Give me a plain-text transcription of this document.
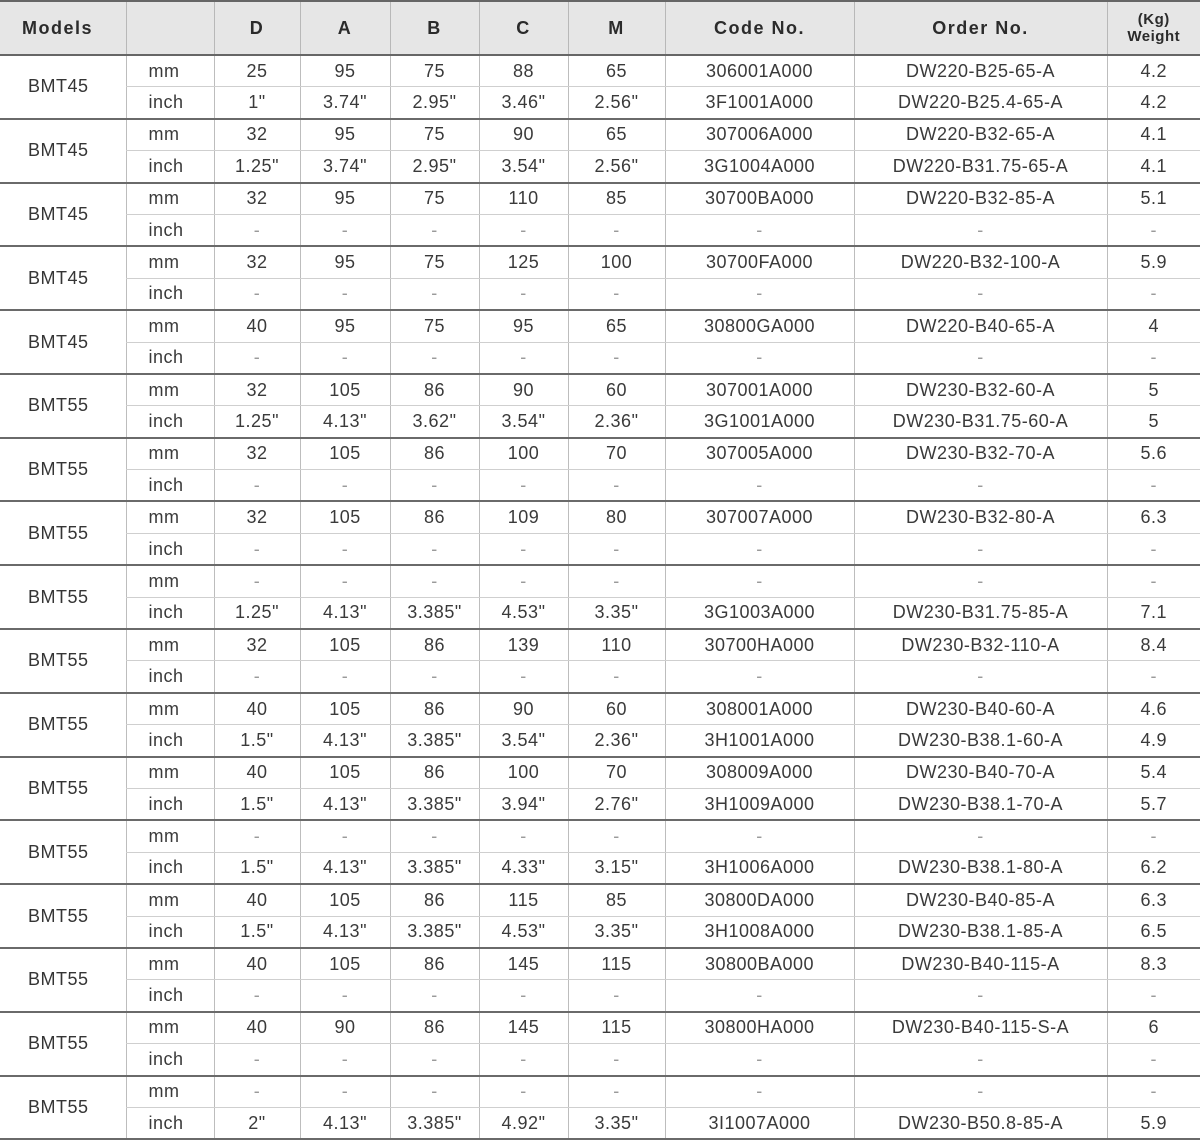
Models		D	A	B	C	M	Code No.	Order No.	(Kg)
Weight

BMT45	mm	25	95	75	88	65	306001A000	DW220-B25-65-A	4.2
	inch	1"	3.74"	2.95"	3.46"	2.56"	3F1001A000	DW220-B25.4-65-A	4.2
BMT45	mm	32	95	75	90	65	307006A000	DW220-B32-65-A	4.1
	inch	1.25"	3.74"	2.95"	3.54"	2.56"	3G1004A000	DW220-B31.75-65-A	4.1
BMT45	mm	32	95	75	110	85	30700BA000	DW220-B32-85-A	5.1
	inch	-	-	-	-	-	-	-	-
BMT45	mm	32	95	75	125	100	30700FA000	DW220-B32-100-A	5.9
	inch	-	-	-	-	-	-	-	-
BMT45	mm	40	95	75	95	65	30800GA000	DW220-B40-65-A	4
	inch	-	-	-	-	-	-	-	-
BMT55	mm	32	105	86	90	60	307001A000	DW230-B32-60-A	5
	inch	1.25"	4.13"	3.62"	3.54"	2.36"	3G1001A000	DW230-B31.75-60-A	5
BMT55	mm	32	105	86	100	70	307005A000	DW230-B32-70-A	5.6
	inch	-	-	-	-	-	-	-	-
BMT55	mm	32	105	86	109	80	307007A000	DW230-B32-80-A	6.3
	inch	-	-	-	-	-	-	-	-
BMT55	mm	-	-	-	-	-	-	-	-
	inch	1.25"	4.13"	3.385"	4.53"	3.35"	3G1003A000	DW230-B31.75-85-A	7.1
BMT55	mm	32	105	86	139	110	30700HA000	DW230-B32-110-A	8.4
	inch	-	-	-	-	-	-	-	-
BMT55	mm	40	105	86	90	60	308001A000	DW230-B40-60-A	4.6
	inch	1.5"	4.13"	3.385"	3.54"	2.36"	3H1001A000	DW230-B38.1-60-A	4.9
BMT55	mm	40	105	86	100	70	308009A000	DW230-B40-70-A	5.4
	inch	1.5"	4.13"	3.385"	3.94"	2.76"	3H1009A000	DW230-B38.1-70-A	5.7
BMT55	mm	-	-	-	-	-	-	-	-
	inch	1.5"	4.13"	3.385"	4.33"	3.15"	3H1006A000	DW230-B38.1-80-A	6.2
BMT55	mm	40	105	86	115	85	30800DA000	DW230-B40-85-A	6.3
	inch	1.5"	4.13"	3.385"	4.53"	3.35"	3H1008A000	DW230-B38.1-85-A	6.5
BMT55	mm	40	105	86	145	115	30800BA000	DW230-B40-115-A	8.3
	inch	-	-	-	-	-	-	-	-
BMT55	mm	40	90	86	145	115	30800HA000	DW230-B40-115-S-A	6
	inch	-	-	-	-	-	-	-	-
BMT55	mm	-	-	-	-	-	-	-	-
	inch	2"	4.13"	3.385"	4.92"	3.35"	3I1007A000	DW230-B50.8-85-A	5.9
